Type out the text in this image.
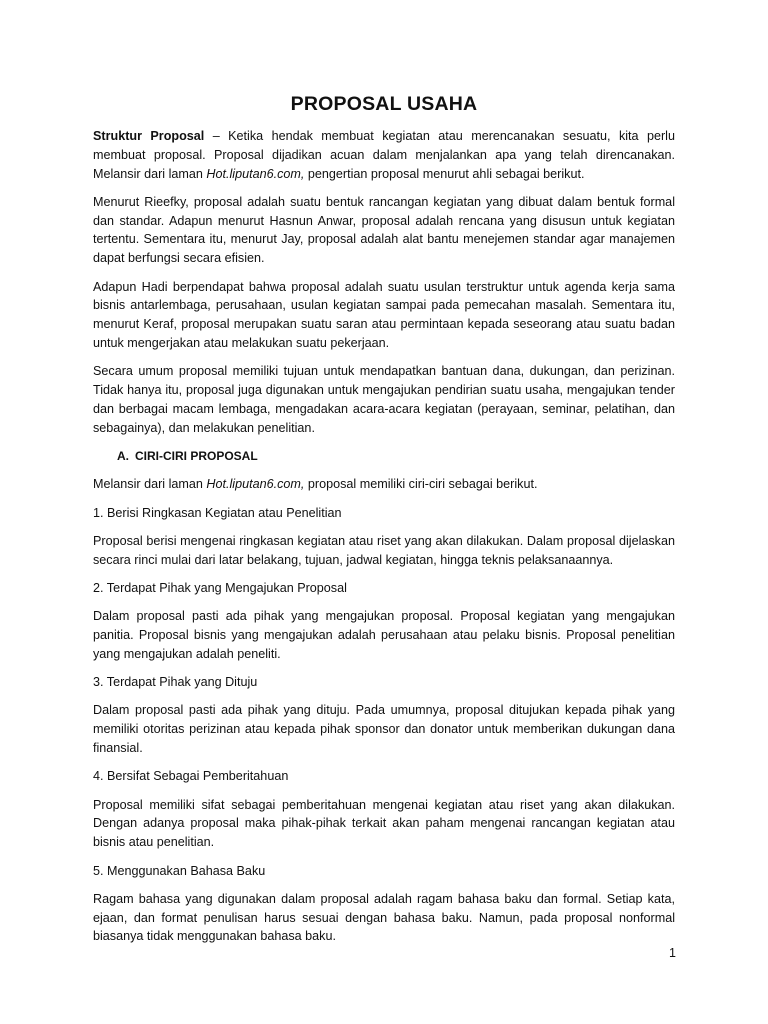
PROPOSAL USAHA

Struktur Proposal – Ketika hendak membuat kegiatan atau merencanakan sesuatu, kita perlu membuat proposal. Proposal dijadikan acuan dalam menjalankan apa yang telah direncanakan. Melansir dari laman Hot.liputan6.com, pengertian proposal menurut ahli sebagai berikut.

Menurut Rieefky, proposal adalah suatu bentuk rancangan kegiatan yang dibuat dalam bentuk formal dan standar. Adapun menurut Hasnun Anwar, proposal adalah rencana yang disusun untuk kegiatan tertentu. Sementara itu, menurut Jay, proposal adalah alat bantu menejemen standar agar manajemen dapat berfungsi secara efisien.

Adapun Hadi berpendapat bahwa proposal adalah suatu usulan terstruktur untuk agenda kerja sama bisnis antarlembaga, perusahaan, usulan kegiatan sampai pada pemecahan masalah. Sementara itu, menurut Keraf, proposal merupakan suatu saran atau permintaan kepada seseorang atau suatu badan untuk mengerjakan atau melakukan suatu pekerjaan.

Secara umum proposal memiliki tujuan untuk mendapatkan bantuan dana, dukungan, dan perizinan. Tidak hanya itu, proposal juga digunakan untuk mengajukan pendirian suatu usaha, mengajukan tender dan berbagai macam lembaga, mengadakan acara-acara kegiatan (perayaan, seminar, pelatihan, dan sebagainya), dan melakukan penelitian.

A. CIRI-CIRI PROPOSAL

Melansir dari laman Hot.liputan6.com, proposal memiliki ciri-ciri sebagai berikut.

1. Berisi Ringkasan Kegiatan atau Penelitian

Proposal berisi mengenai ringkasan kegiatan atau riset yang akan dilakukan. Dalam proposal dijelaskan secara rinci mulai dari latar belakang, tujuan, jadwal kegiatan, hingga teknis pelaksanaannya.

2. Terdapat Pihak yang Mengajukan Proposal

Dalam proposal pasti ada pihak yang mengajukan proposal. Proposal kegiatan yang mengajukan panitia. Proposal bisnis yang mengajukan adalah perusahaan atau pelaku bisnis. Proposal penelitian yang mengajukan adalah peneliti.

3. Terdapat Pihak yang Dituju

Dalam proposal pasti ada pihak yang dituju. Pada umumnya, proposal ditujukan kepada pihak yang memiliki otoritas perizinan atau kepada pihak sponsor dan donator untuk memberikan dukungan dana finansial.

4. Bersifat Sebagai Pemberitahuan

Proposal memiliki sifat sebagai pemberitahuan mengenai kegiatan atau riset yang akan dilakukan. Dengan adanya proposal maka pihak-pihak terkait akan paham mengenai rancangan kegiatan atau bisnis atau penelitian.

5. Menggunakan Bahasa Baku

Ragam bahasa yang digunakan dalam proposal adalah ragam bahasa baku dan formal. Setiap kata, ejaan, dan format penulisan harus sesuai dengan bahasa baku. Namun, pada proposal nonformal biasanya tidak menggunakan bahasa baku.

1
